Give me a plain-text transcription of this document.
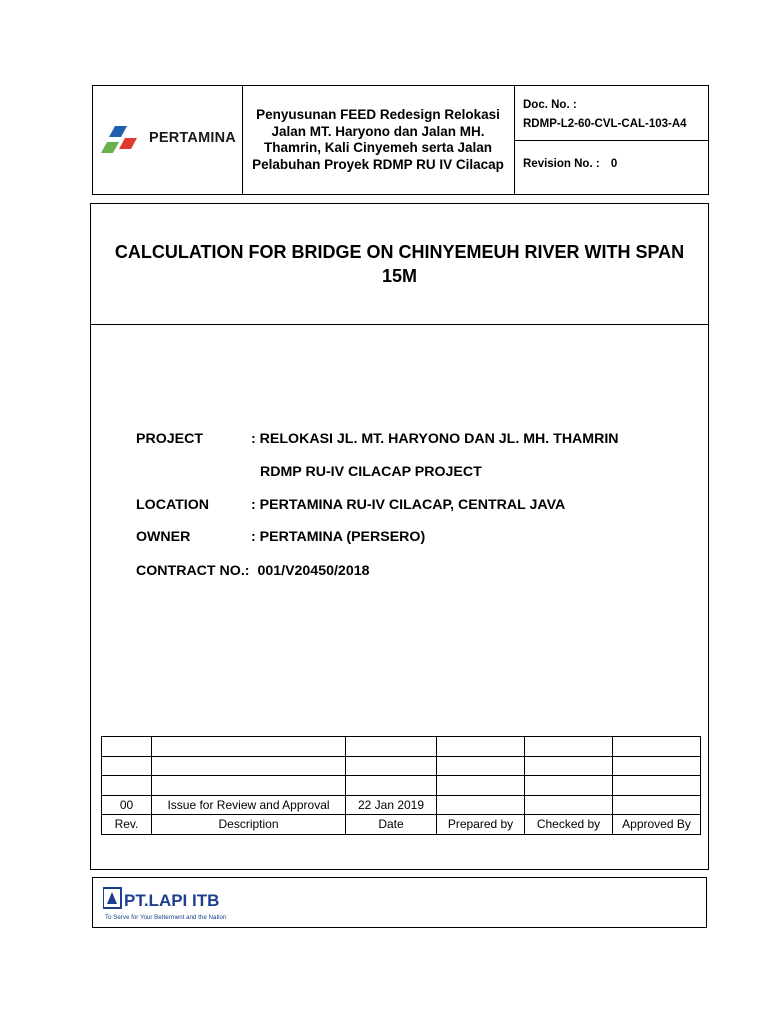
PERTAMINA
Penyusunan FEED Redesign Relokasi Jalan MT. Haryono dan Jalan MH. Thamrin, Kali Cinyemeh serta Jalan Pelabuhan Proyek RDMP RU IV Cilacap
Doc. No. :
RDMP-L2-60-CVL-CAL-103-A4
Revision No. : 0
CALCULATION FOR BRIDGE ON CHINYEMEUH RIVER WITH SPAN 15M
PROJECT	: RELOKASI JL. MT. HARYONO DAN JL. MH. THAMRIN
RDMP RU-IV CILACAP PROJECT
LOCATION	: PERTAMINA RU-IV CILACAP, CENTRAL JAVA
OWNER	: PERTAMINA (PERSERO)
CONTRACT NO.: 001/V20450/2018

00	Issue for Review and Approval	22 Jan 2019			
Rev.	Description	Date	Prepared by	Checked by	Approved By
PT.LAPI ITB
To Serve for Your Betterment and the Nation
